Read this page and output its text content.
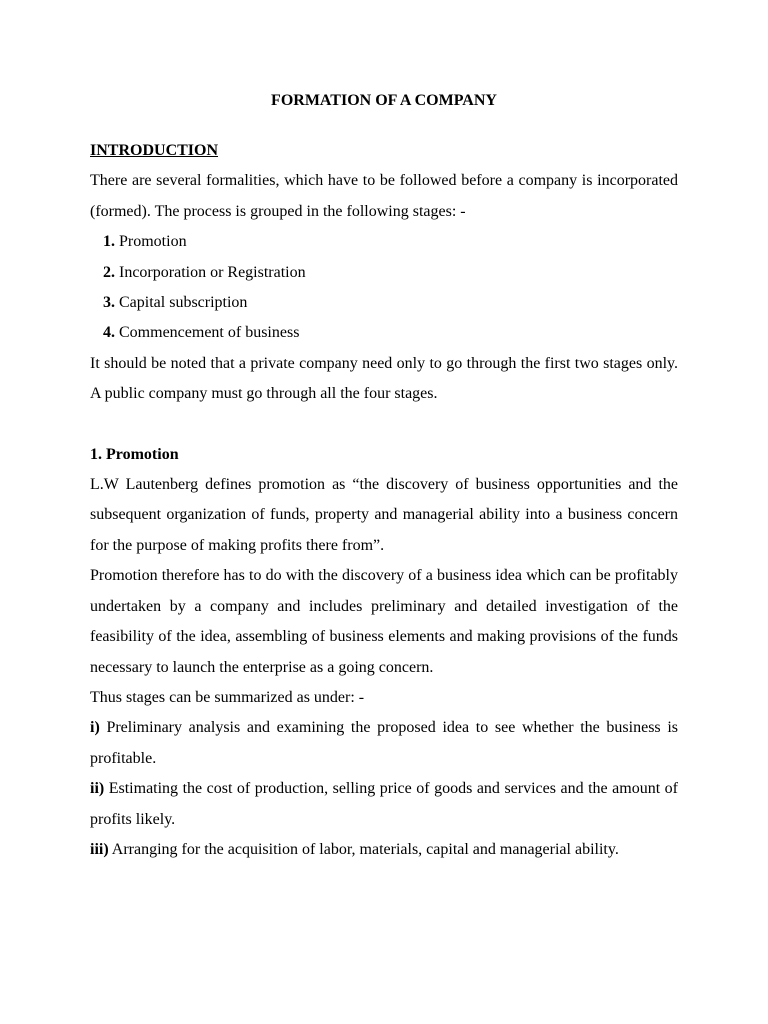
FORMATION OF A COMPANY
INTRODUCTION

There are several formalities, which have to be followed before a company is incorporated (formed). The process is grouped in the following stages: -

1. Promotion
2. Incorporation or Registration
3. Capital subscription
4. Commencement of business

It should be noted that a private company need only to go through the first two stages only. A public company must go through all the four stages.

1. Promotion

L.W Lautenberg defines promotion as “the discovery of business opportunities and the subsequent organization of funds, property and managerial ability into a business concern for the purpose of making profits there from”.

Promotion therefore has to do with the discovery of a business idea which can be profitably undertaken by a company and includes preliminary and detailed investigation of the feasibility of the idea, assembling of business elements and making provisions of the funds necessary to launch the enterprise as a going concern.

Thus stages can be summarized as under: -

i) Preliminary analysis and examining the proposed idea to see whether the business is profitable.

ii) Estimating the cost of production, selling price of goods and services and the amount of profits likely.

iii) Arranging for the acquisition of labor, materials, capital and managerial ability.
